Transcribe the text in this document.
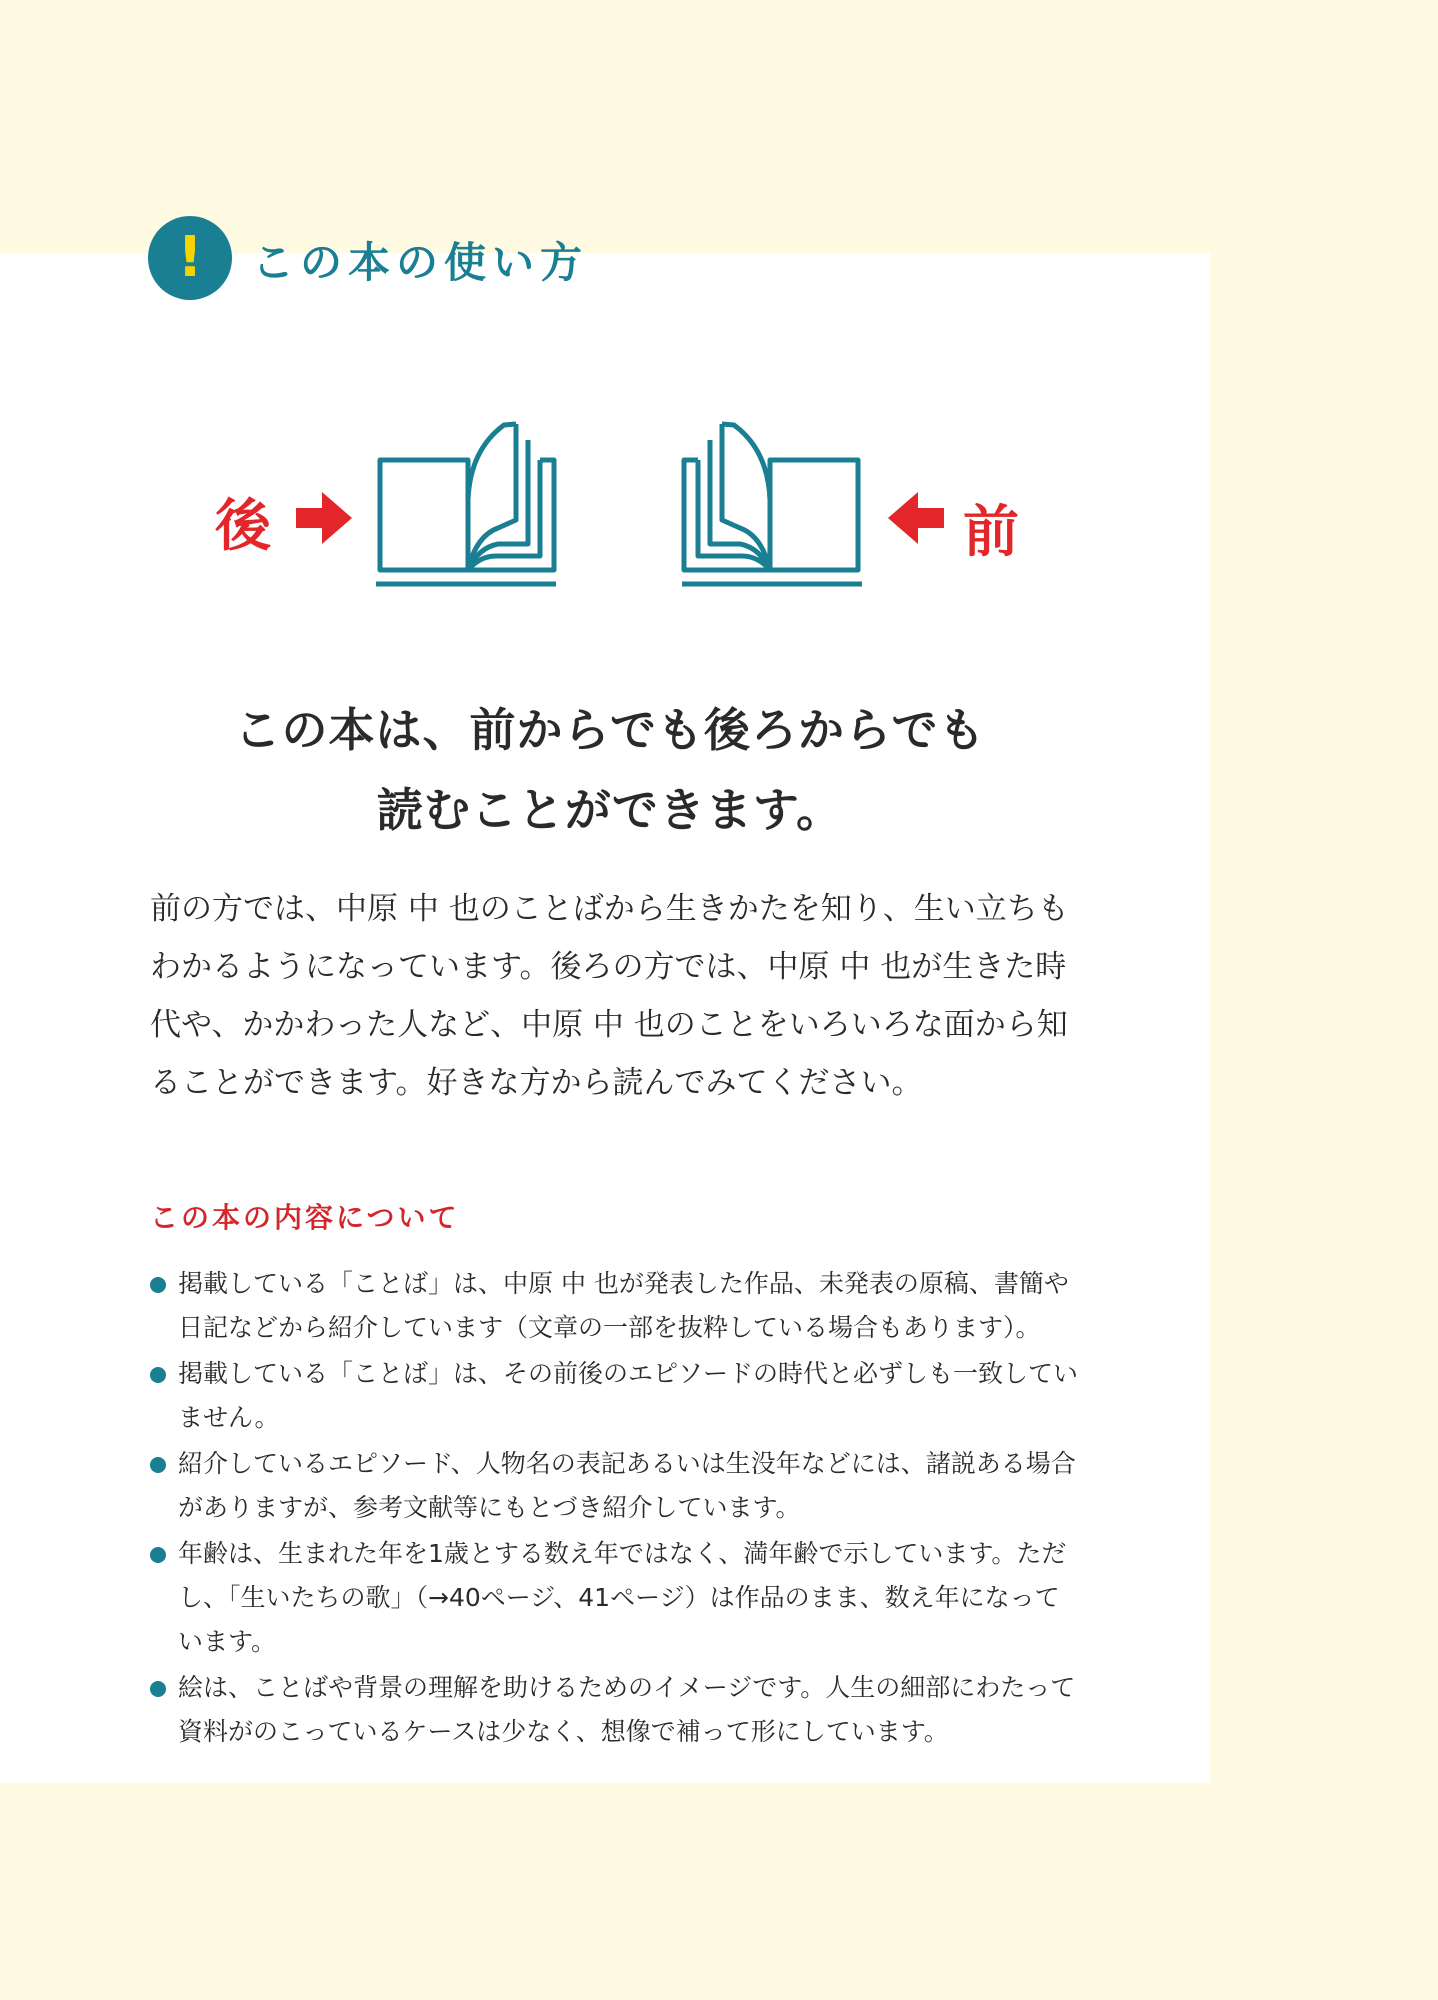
! この本の使い方
後	前
この本は、前からでも後ろからでも
読むことができます。

前の方では、中原 中 也のことばから生きかたを知り、生い立ちも

わかるようになっています。後ろの方では、中原 中 也が生きた時

代や、かかわった人など、中原 中 也のことをいろいろな面から知

ることができます。好きな方から読んでみてください。

この本の内容について
掲載している「ことば」は、中原 中 也が発表した作品、未発表の原稿、書簡や日記などから紹介しています（文章の一部を抜粋している場合もあります）。
掲載している「ことば」は、その前後のエピソードの時代と必ずしも一致していません。
紹介しているエピソード、人物名の表記あるいは生没年などには、諸説ある場合がありますが、参考文献等にもとづき紹介しています。
年齢は、生まれた年を1歳とする数え年ではなく、満年齢で示しています。ただし、「生いたちの歌」（→40ページ、41ページ）は作品のまま、数え年になっています。
絵は、ことばや背景の理解を助けるためのイメージです。人生の細部にわたって資料がのこっているケースは少なく、想像で補って形にしています。
